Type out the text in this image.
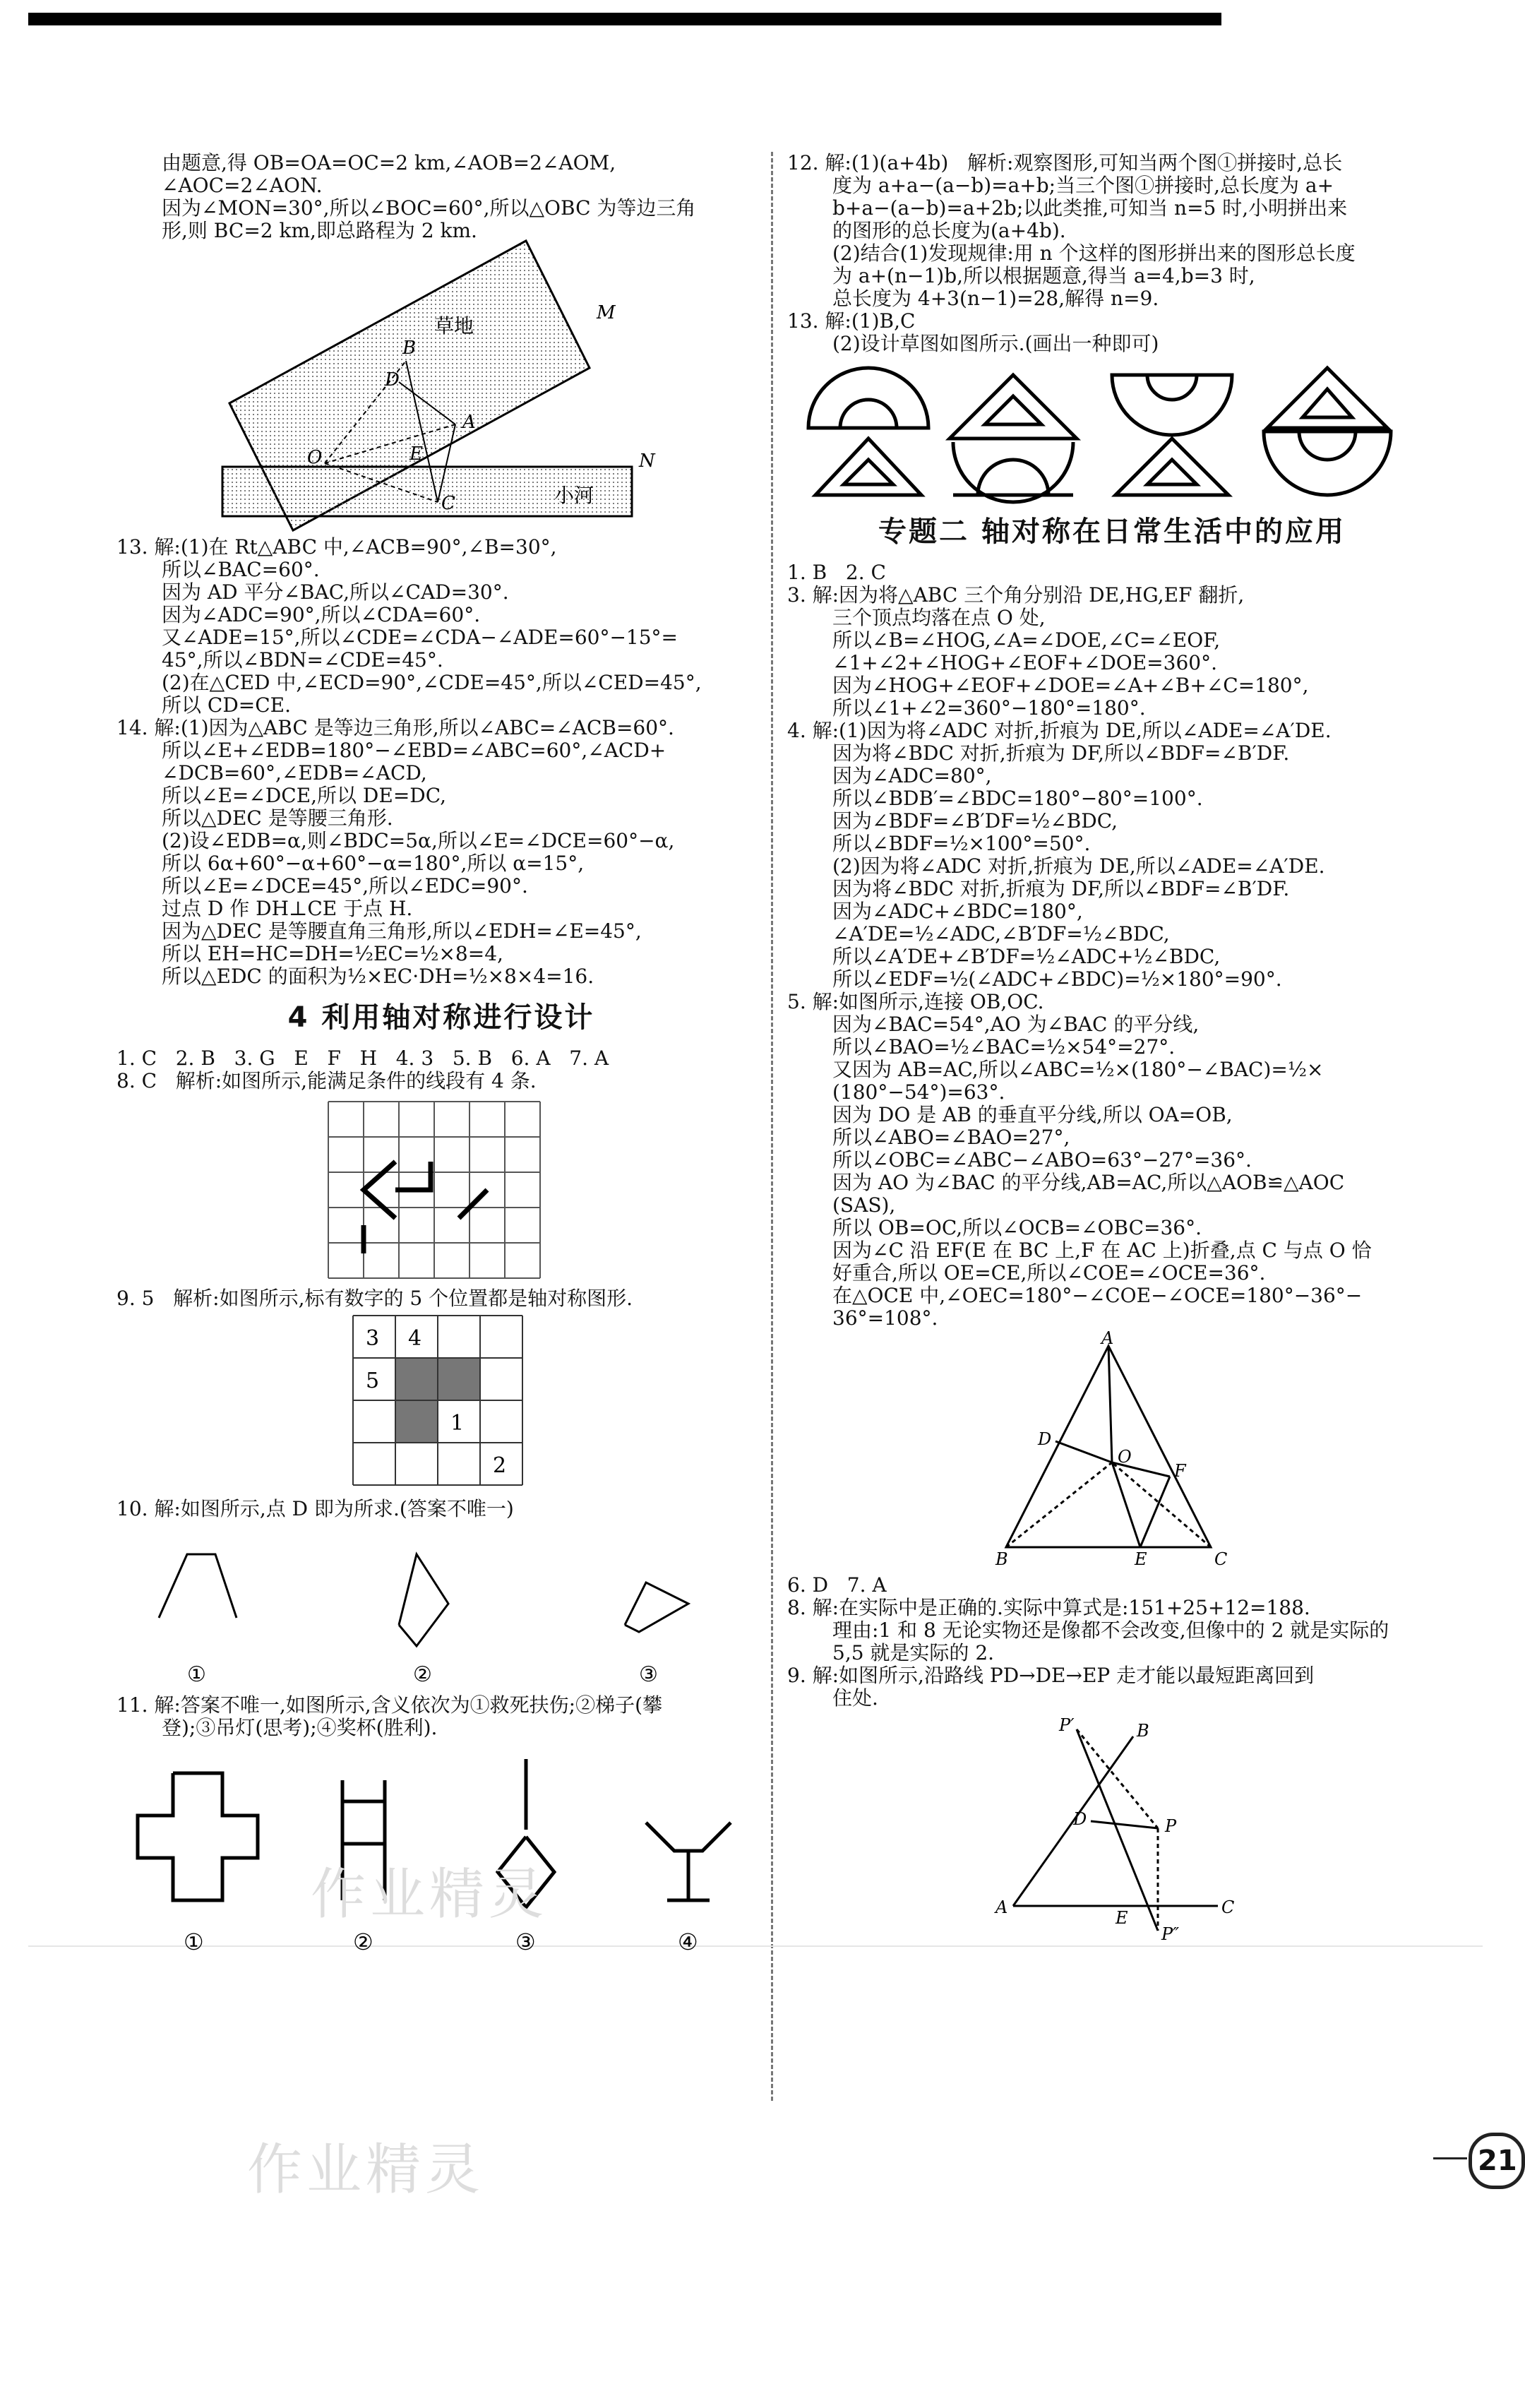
由题意,得 OB=OA=OC=2 km,∠AOB=2∠AOM,
∠AOC=2∠AON.
因为∠MON=30°,所以∠BOC=60°,所以△OBC 为等边三角
形,则 BC=2 km,即总路程为 2 km.
草地
小河
M
N
O
B
D
A
E
C
13. 解:(1)在 Rt△ABC 中,∠ACB=90°,∠B=30°,
所以∠BAC=60°.
因为 AD 平分∠BAC,所以∠CAD=30°.
因为∠ADC=90°,所以∠CDA=60°.
又∠ADE=15°,所以∠CDE=∠CDA−∠ADE=60°−15°=
45°,所以∠BDN=∠CDE=45°.
(2)在△CED 中,∠ECD=90°,∠CDE=45°,所以∠CED=45°,
所以 CD=CE.
14. 解:(1)因为△ABC 是等边三角形,所以∠ABC=∠ACB=60°.
所以∠E+∠EDB=180°−∠EBD=∠ABC=60°,∠ACD+
∠DCB=60°,∠EDB=∠ACD,
所以∠E=∠DCE,所以 DE=DC,
所以△DEC 是等腰三角形.
(2)设∠EDB=α,则∠BDC=5α,所以∠E=∠DCE=60°−α,
所以 6α+60°−α+60°−α=180°,所以 α=15°,
所以∠E=∠DCE=45°,所以∠EDC=90°.
过点 D 作 DH⊥CE 于点 H.
因为△DEC 是等腰直角三角形,所以∠EDH=∠E=45°,
所以 EH=HC=DH=½EC=½×8=4,
所以△EDC 的面积为½×EC·DH=½×8×4=16.
4 利用轴对称进行设计
1. C   2. B   3. G   E   F   H   4. 3   5. B   6. A   7. A
8. C   解析:如图所示,能满足条件的线段有 4 条.
9. 5   解析:如图所示,标有数字的 5 个位置都是轴对称图形.
3 4
5
1
2
10. 解:如图所示,点 D 即为所求.(答案不唯一)
①	②	③
11. 解:答案不唯一,如图所示,含义依次为①救死扶伤;②梯子(攀
登);③吊灯(思考);④奖杯(胜利).
①	②	③	④
12. 解:(1)(a+4b)   解析:观察图形,可知当两个图①拼接时,总长
度为 a+a−(a−b)=a+b;当三个图①拼接时,总长度为 a+
b+a−(a−b)=a+2b;以此类推,可知当 n=5 时,小明拼出来
的图形的总长度为(a+4b).
(2)结合(1)发现规律:用 n 个这样的图形拼出来的图形总长度
为 a+(n−1)b,所以根据题意,得当 a=4,b=3 时,
总长度为 4+3(n−1)=28,解得 n=9.
13. 解:(1)B,C
(2)设计草图如图所示.(画出一种即可)
专题二 轴对称在日常生活中的应用
1. B   2. C
3. 解:因为将△ABC 三个角分别沿 DE,HG,EF 翻折,
三个顶点均落在点 O 处,
所以∠B=∠HOG,∠A=∠DOE,∠C=∠EOF,
∠1+∠2+∠HOG+∠EOF+∠DOE=360°.
因为∠HOG+∠EOF+∠DOE=∠A+∠B+∠C=180°,
所以∠1+∠2=360°−180°=180°.
4. 解:(1)因为将∠ADC 对折,折痕为 DE,所以∠ADE=∠A′DE.
因为将∠BDC 对折,折痕为 DF,所以∠BDF=∠B′DF.
因为∠ADC=80°,
所以∠BDB′=∠BDC=180°−80°=100°.
因为∠BDF=∠B′DF=½∠BDC,
所以∠BDF=½×100°=50°.
(2)因为将∠ADC 对折,折痕为 DE,所以∠ADE=∠A′DE.
因为将∠BDC 对折,折痕为 DF,所以∠BDF=∠B′DF.
因为∠ADC+∠BDC=180°,
∠A′DE=½∠ADC,∠B′DF=½∠BDC,
所以∠A′DE+∠B′DF=½∠ADC+½∠BDC,
所以∠EDF=½(∠ADC+∠BDC)=½×180°=90°.
5. 解:如图所示,连接 OB,OC.
因为∠BAC=54°,AO 为∠BAC 的平分线,
所以∠BAO=½∠BAC=½×54°=27°.
又因为 AB=AC,所以∠ABC=½×(180°−∠BAC)=½×
(180°−54°)=63°.
因为 DO 是 AB 的垂直平分线,所以 OA=OB,
所以∠ABO=∠BAO=27°,
所以∠OBC=∠ABC−∠ABO=63°−27°=36°.
因为 AO 为∠BAC 的平分线,AB=AC,所以△AOB≌△AOC
(SAS),
所以 OB=OC,所以∠OCB=∠OBC=36°.
因为∠C 沿 EF(E 在 BC 上,F 在 AC 上)折叠,点 C 与点 O 恰
好重合,所以 OE=CE,所以∠COE=∠OCE=36°.
在△OCE 中,∠OEC=180°−∠COE−∠OCE=180°−36°−
36°=108°.
A
D
O
F
B	E	C
6. D   7. A
8. 解:在实际中是正确的.实际中算式是:151+25+12=188.
理由:1 和 8 无论实物还是像都不会改变,但像中的 2 就是实际的
5,5 就是实际的 2.
9. 解:如图所示,沿路线 PD→DE→EP 走才能以最短距离回到
住处.
P′	B
D	P
A
E
C
P″
作业精灵
作业精灵	21
